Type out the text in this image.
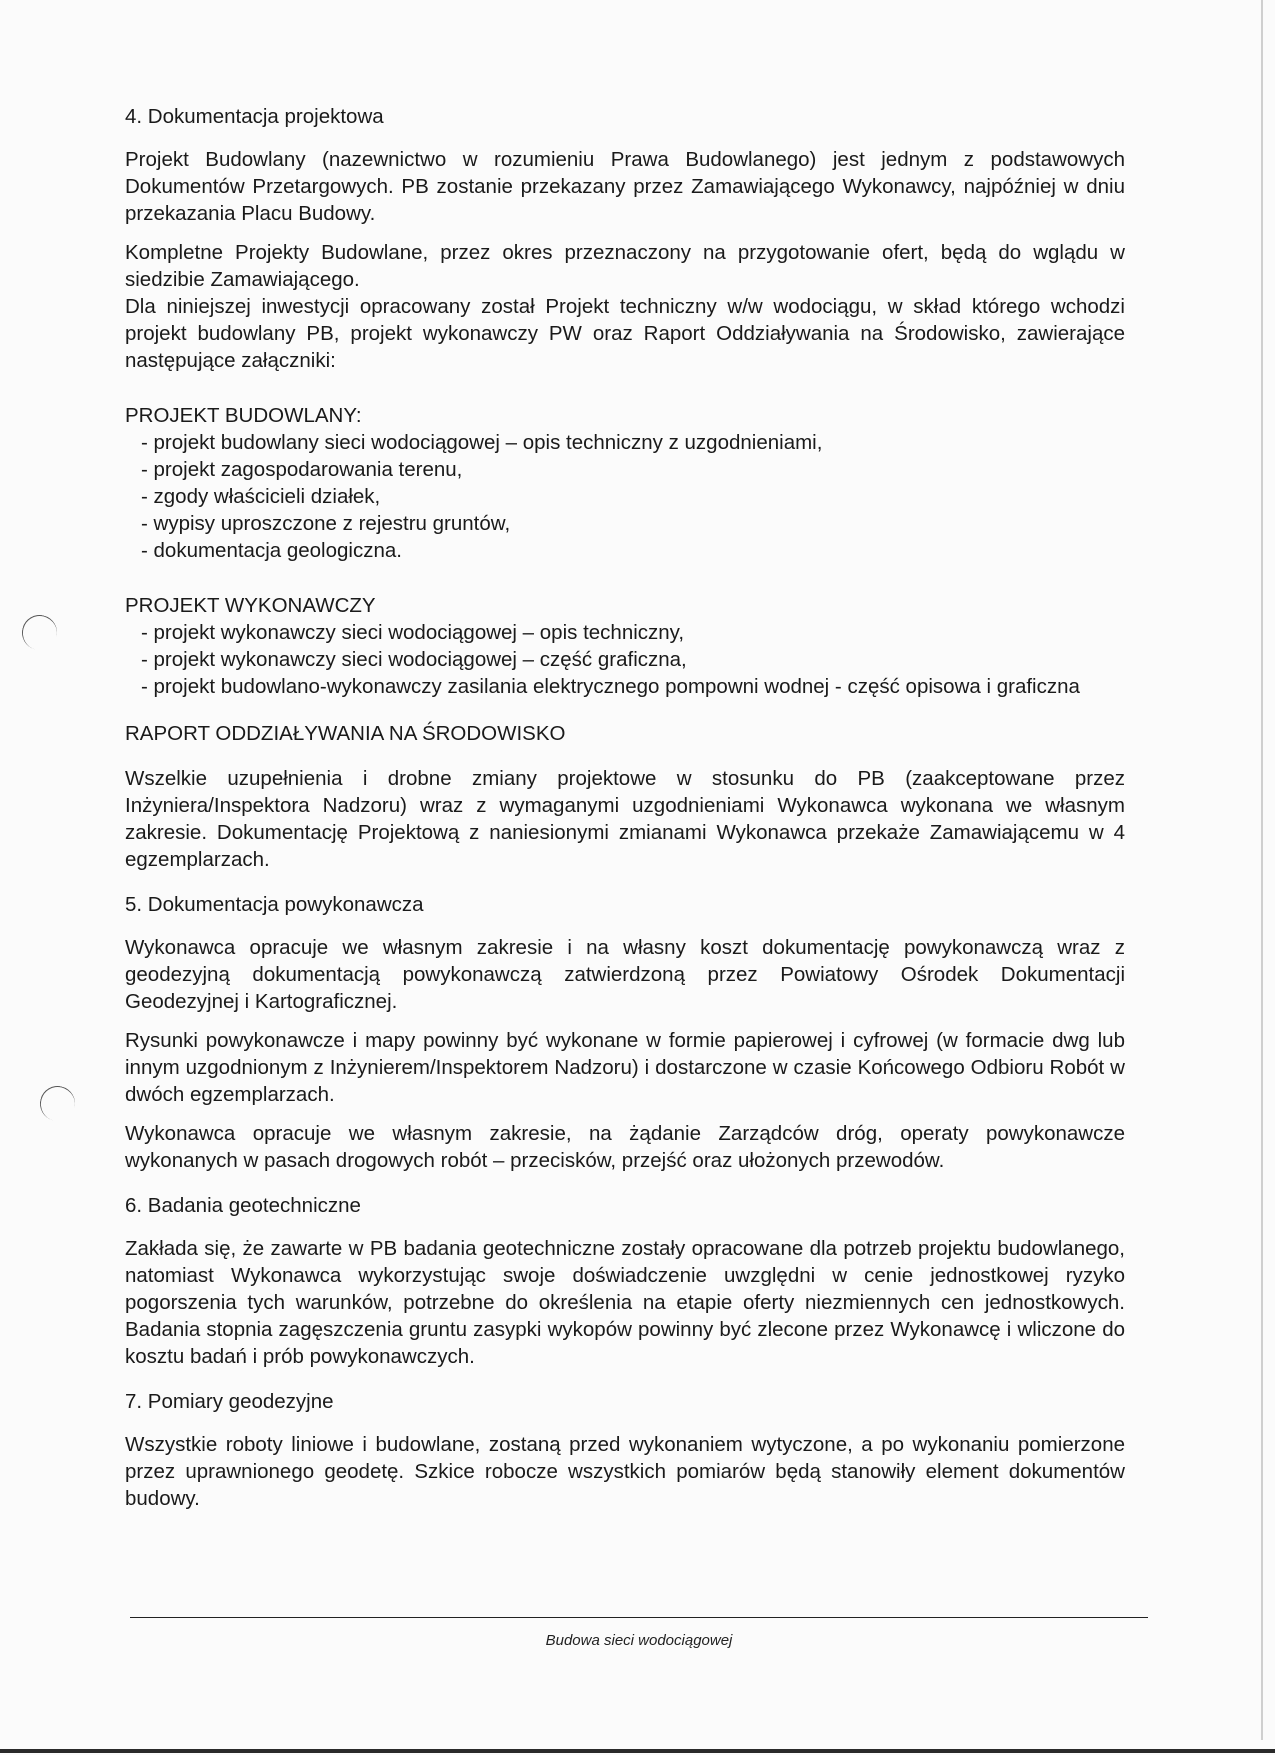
4. Dokumentacja projektowa

Projekt Budowlany (nazewnictwo w rozumieniu Prawa Budowlanego) jest jednym z podstawowych Dokumentów Przetargowych. PB zostanie przekazany przez Zamawiającego Wykonawcy, najpóźniej w dniu przekazania Placu Budowy.

Kompletne Projekty Budowlane, przez okres przeznaczony na przygotowanie ofert, będą do wglądu w siedzibie Zamawiającego.

Dla niniejszej inwestycji opracowany został Projekt techniczny w/w wodociągu, w skład którego wchodzi projekt budowlany PB, projekt wykonawczy PW oraz Raport Oddziaływania na Środowisko, zawierające następujące załączniki:

PROJEKT BUDOWLANY:

- projekt budowlany sieci wodociągowej – opis techniczny z uzgodnieniami,
- projekt zagospodarowania terenu,
- zgody właścicieli działek,
- wypisy uproszczone z rejestru gruntów,
- dokumentacja geologiczna.

PROJEKT WYKONAWCZY

- projekt wykonawczy sieci wodociągowej – opis techniczny,
- projekt wykonawczy sieci wodociągowej – część graficzna,
- projekt budowlano-wykonawczy zasilania elektrycznego pompowni wodnej - część opisowa i graficzna

RAPORT ODDZIAŁYWANIA NA ŚRODOWISKO

Wszelkie uzupełnienia i drobne zmiany projektowe w stosunku do PB (zaakceptowane przez Inżyniera/Inspektora Nadzoru) wraz z wymaganymi uzgodnieniami Wykonawca wykonana we własnym zakresie. Dokumentację Projektową z naniesionymi zmianami Wykonawca przekaże Zamawiającemu w 4 egzemplarzach.

5. Dokumentacja powykonawcza

Wykonawca opracuje we własnym zakresie i na własny koszt dokumentację powykonawczą wraz z geodezyjną dokumentacją powykonawczą zatwierdzoną przez Powiatowy Ośrodek Dokumentacji Geodezyjnej i Kartograficznej.

Rysunki powykonawcze i mapy powinny być wykonane w formie papierowej i cyfrowej (w formacie dwg lub innym uzgodnionym z Inżynierem/Inspektorem Nadzoru) i dostarczone w czasie Końcowego Odbioru Robót w dwóch egzemplarzach.

Wykonawca opracuje we własnym zakresie, na żądanie Zarządców dróg, operaty powykonawcze wykonanych w pasach drogowych robót – przecisków, przejść oraz ułożonych przewodów.

6. Badania geotechniczne

Zakłada się, że zawarte w PB badania geotechniczne zostały opracowane dla potrzeb projektu budowlanego, natomiast Wykonawca wykorzystując swoje doświadczenie uwzględni w cenie jednostkowej ryzyko pogorszenia tych warunków, potrzebne do określenia na etapie oferty niezmiennych cen jednostkowych. Badania stopnia zagęszczenia gruntu zasypki wykopów powinny być zlecone przez Wykonawcę i wliczone do kosztu badań i prób powykonawczych.

7. Pomiary geodezyjne

Wszystkie roboty liniowe i budowlane, zostaną przed wykonaniem wytyczone, a po wykonaniu pomierzone przez uprawnionego geodetę. Szkice robocze wszystkich pomiarów będą stanowiły element dokumentów budowy.

Budowa sieci wodociągowej
